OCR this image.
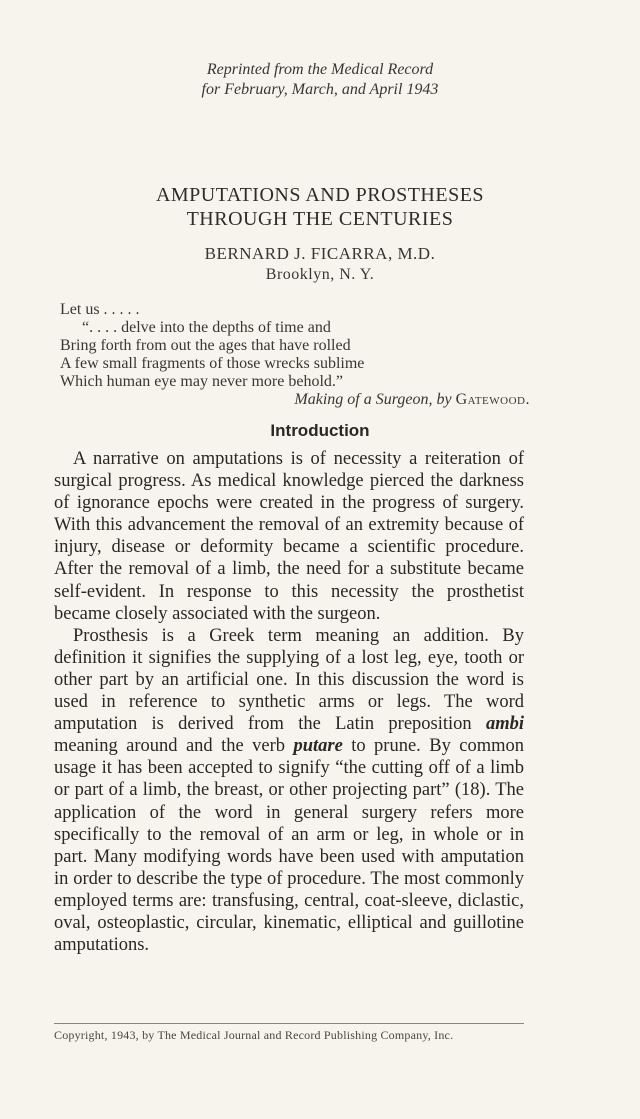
Reprinted from the Medical Record
for February, March, and April 1943
AMPUTATIONS AND PROSTHESES
THROUGH THE CENTURIES
BERNARD J. FICARRA, M.D.
Brooklyn, N. Y.
Let us . . . . .
“. . . . delve into the depths of time and
Bring forth from out the ages that have rolled
A few small fragments of those wrecks sublime
Which human eye may never more behold.”
Making of a Surgeon, by Gatewood.
Introduction

A narrative on amputations is of necessity a reiteration of surgical progress. As medical knowledge pierced the darkness of ignorance epochs were created in the progress of surgery. With this advancement the removal of an extremity because of injury, disease or deformity became a scientific procedure. After the removal of a limb, the need for a substitute became self-evident. In response to this necessity the prosthetist became closely associated with the surgeon.

Prosthesis is a Greek term meaning an addition. By definition it signifies the supplying of a lost leg, eye, tooth or other part by an artificial one. In this discussion the word is used in reference to synthetic arms or legs. The word amputation is derived from the Latin preposition ambi meaning around and the verb putare to prune. By common usage it has been accepted to signify “the cutting off of a limb or part of a limb, the breast, or other projecting part” (18). The application of the word in general surgery refers more specifically to the removal of an arm or leg, in whole or in part. Many modifying words have been used with amputation in order to describe the type of procedure. The most commonly employed terms are: transfusing, central, coat-sleeve, diclastic, oval, osteoplastic, circular, kinematic, elliptical and guillotine amputations.

Copyright, 1943, by The Medical Journal and Record Publishing Company, Inc.
